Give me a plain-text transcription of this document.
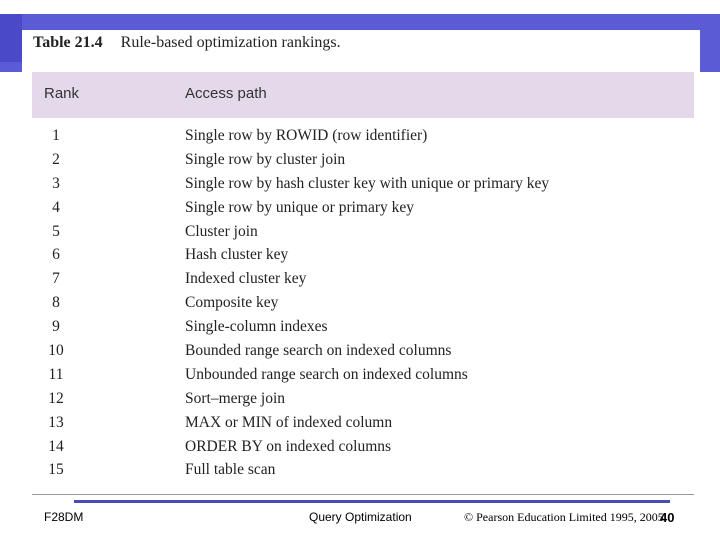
Table 21.4 Rule-based optimization rankings.
Rank	Access path
1	Single row by ROWID (row identifier)
2	Single row by cluster join
3	Single row by hash cluster key with unique or primary key
4	Single row by unique or primary key
5	Cluster join
6	Hash cluster key
7	Indexed cluster key
8	Composite key
9	Single-column indexes
10	Bounded range search on indexed columns
11	Unbounded range search on indexed columns
12	Sort–merge join
13	MAX or MIN of indexed column
14	ORDER BY on indexed columns
15	Full table scan
F28DM	Query Optimization	© Pearson Education Limited 1995, 2005
40
